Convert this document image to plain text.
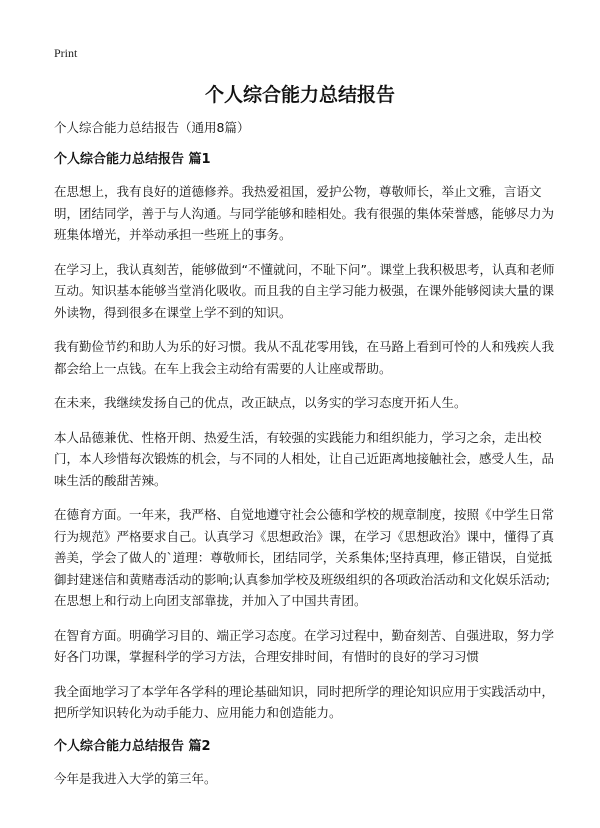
Print
个人综合能力总结报告

个人综合能力总结报告（通用8篇）

个人综合能力总结报告 篇1

在思想上，我有良好的道德修养。我热爱祖国，爱护公物，尊敬师长，举止文雅，言语文明，团结同学，善于与人沟通。与同学能够和睦相处。我有很强的集体荣誉感，能够尽力为班集体增光，并举动承担一些班上的事务。

在学习上，我认真刻苦，能够做到“不懂就问，不耻下问”。课堂上我积极思考，认真和老师互动。知识基本能够当堂消化吸收。而且我的自主学习能力极强，在课外能够阅读大量的课外读物，得到很多在课堂上学不到的知识。

我有勤俭节约和助人为乐的好习惯。我从不乱花零用钱，在马路上看到可怜的人和残疾人我都会给上一点钱。在车上我会主动给有需要的人让座或帮助。

在未来，我继续发扬自己的优点，改正缺点，以务实的学习态度开拓人生。

本人品德兼优、性格开朗、热爱生活，有较强的实践能力和组织能力，学习之余，走出校门，本人珍惜每次锻炼的机会，与不同的人相处，让自己近距离地接触社会，感受人生，品味生活的酸甜苦辣。

在德育方面。一年来，我严格、自觉地遵守社会公德和学校的规章制度，按照《中学生日常行为规范》严格要求自己。认真学习《思想政治》课，在学习《思想政治》课中，懂得了真善美，学会了做人的`道理：尊敬师长，团结同学，关系集体;坚持真理，修正错误，自觉抵御封建迷信和黄赌毒活动的影响;认真参加学校及班级组织的各项政治活动和文化娱乐活动;在思想上和行动上向团支部靠拢，并加入了中国共青团。

在智育方面。明确学习目的、端正学习态度。在学习过程中，勤奋刻苦、自强进取，努力学好各门功课，掌握科学的学习方法，合理安排时间，有惜时的良好的学习习惯

我全面地学习了本学年各学科的理论基础知识，同时把所学的理论知识应用于实践活动中，把所学知识转化为动手能力、应用能力和创造能力。

个人综合能力总结报告 篇2

今年是我进入大学的第三年。
